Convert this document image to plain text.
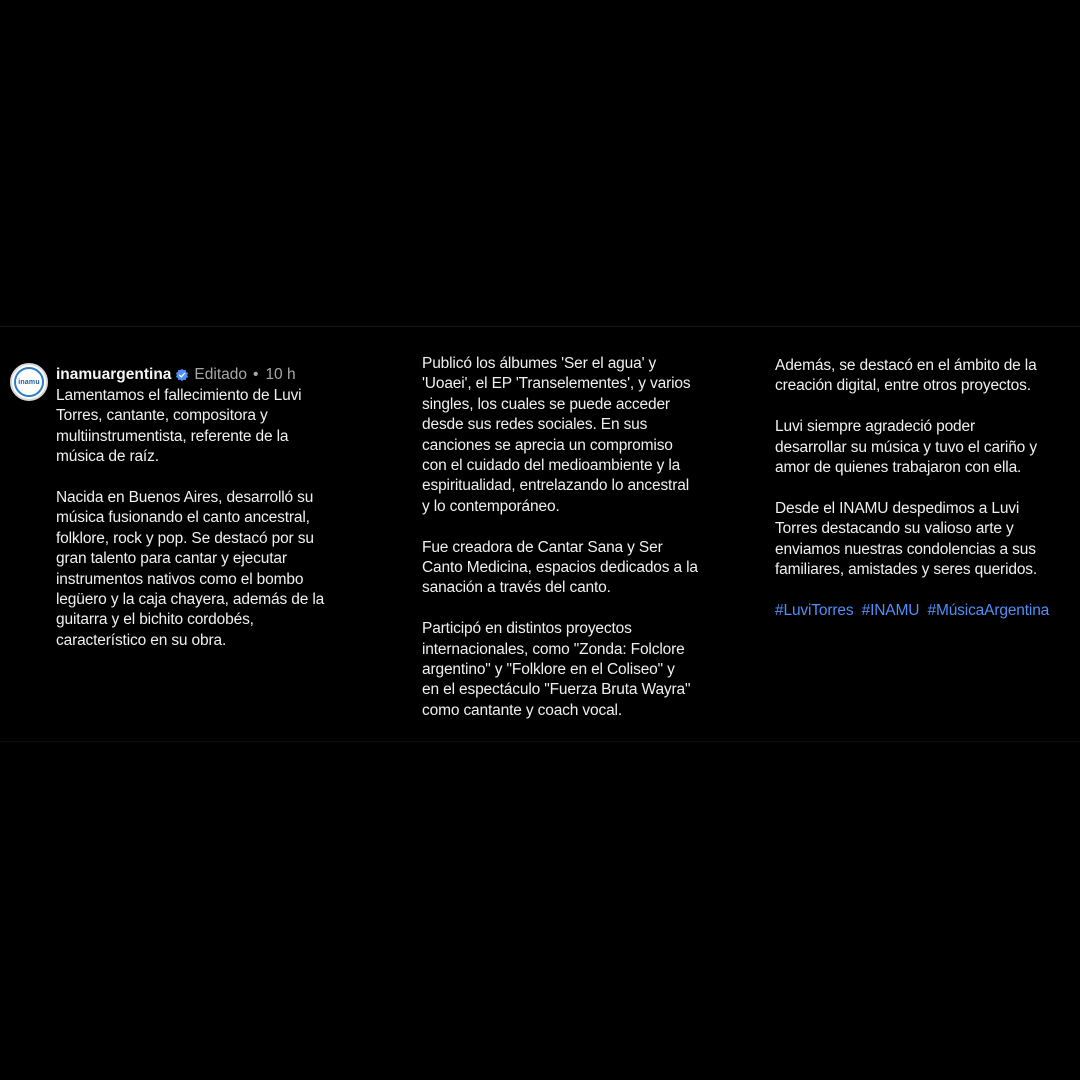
inamu inamuargentina Editado • 10 h

Lamentamos el fallecimiento de Luvi
Torres, cantante, compositora y
multiinstrumentista, referente de la
música de raíz.

Nacida en Buenos Aires, desarrolló su
música fusionando el canto ancestral,
folklore, rock y pop. Se destacó por su
gran talento para cantar y ejecutar
instrumentos nativos como el bombo
legüero y la caja chayera, además de la
guitarra y el bichito cordobés,
característico en su obra.

Publicó los álbumes 'Ser el agua' y
'Uoaei', el EP 'Transelementes', y varios
singles, los cuales se puede acceder
desde sus redes sociales. En sus
canciones se aprecia un compromiso
con el cuidado del medioambiente y la
espiritualidad, entrelazando lo ancestral
y lo contemporáneo.

Fue creadora de Cantar Sana y Ser
Canto Medicina, espacios dedicados a la
sanación a través del canto.

Participó en distintos proyectos
internacionales, como "Zonda: Folclore
argentino" y "Folklore en el Coliseo" y
en el espectáculo "Fuerza Bruta Wayra"
como cantante y coach vocal.

Además, se destacó en el ámbito de la
creación digital, entre otros proyectos.

Luvi siempre agradeció poder
desarrollar su música y tuvo el cariño y
amor de quienes trabajaron con ella.

Desde el INAMU despedimos a Luvi
Torres destacando su valioso arte y
enviamos nuestras condolencias a sus
familiares, amistades y seres queridos.

#LuviTorres #INAMU #MúsicaArgentina
